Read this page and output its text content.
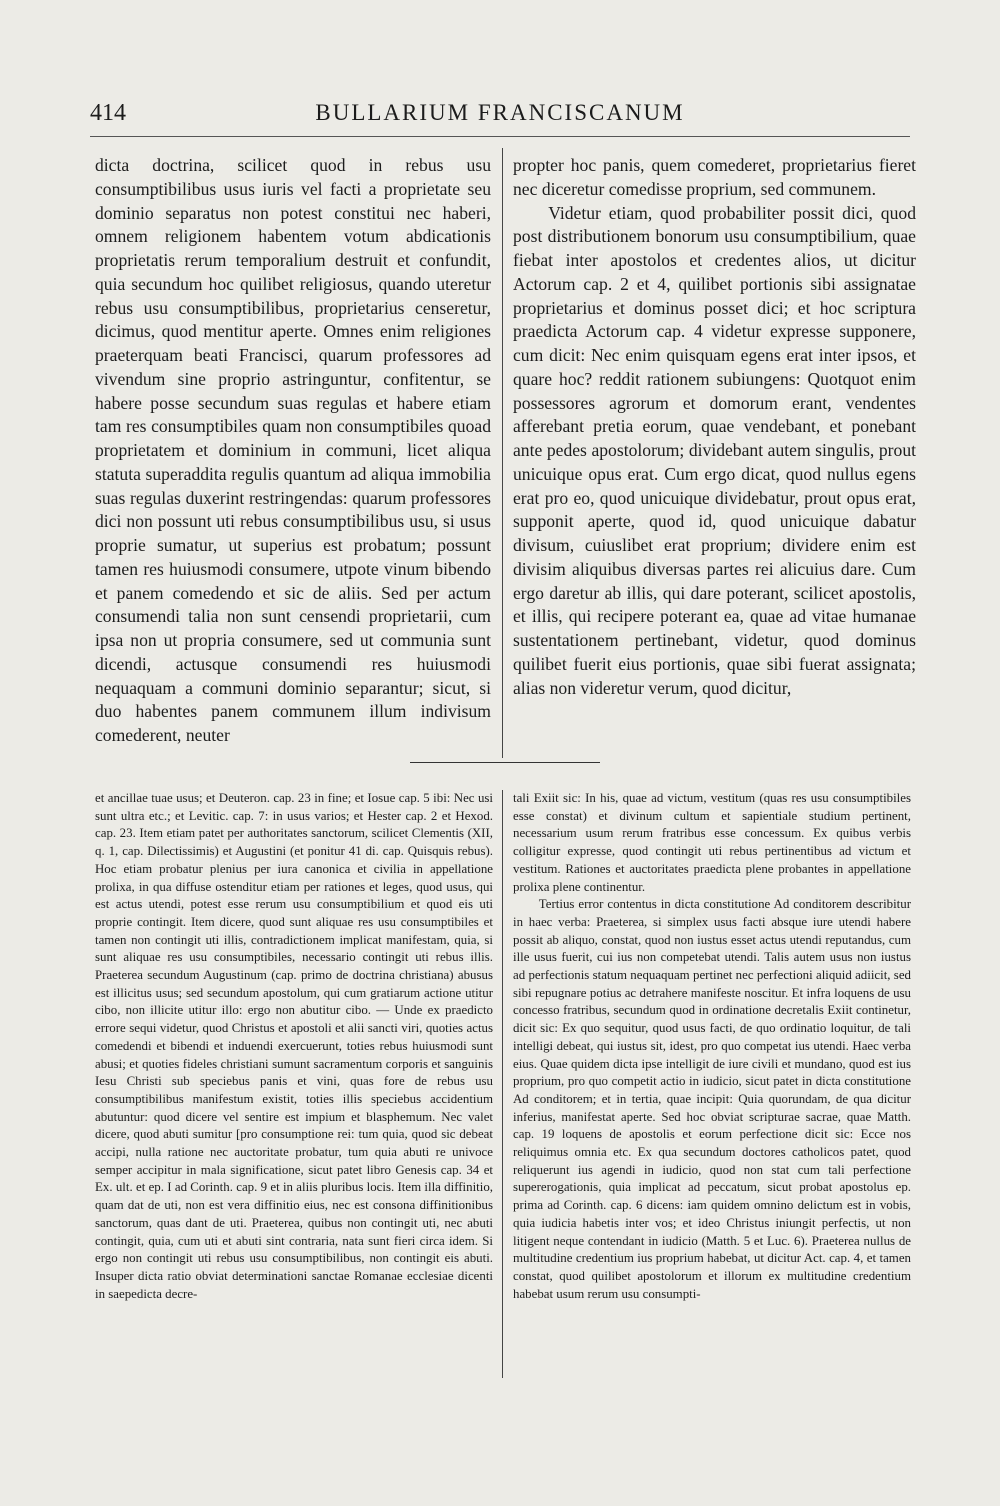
414	BULLARIUM FRANCISCANUM

dicta doctrina, scilicet quod in rebus usu consumptibilibus usus iuris vel facti a proprietate seu dominio separatus non potest constitui nec haberi, omnem religionem habentem votum abdicationis proprietatis rerum temporalium destruit et confundit, quia secundum hoc quilibet religiosus, quando uteretur rebus usu consumptibilibus, proprietarius censeretur, dicimus, quod mentitur aperte. Omnes enim religiones praeterquam beati Francisci, quarum professores ad vivendum sine proprio astringuntur, confitentur, se habere posse secundum suas regulas et habere etiam tam res consumptibiles quam non consumptibiles quoad proprietatem et dominium in communi, licet aliqua statuta superaddita regulis quantum ad aliqua immobilia suas regulas duxerint restringendas: quarum professores dici non possunt uti rebus consumptibilibus usu, si usus proprie sumatur, ut superius est probatum; possunt tamen res huiusmodi consumere, utpote vinum bibendo et panem comedendo et sic de aliis. Sed per actum consumendi talia non sunt censendi proprietarii, cum ipsa non ut propria consumere, sed ut communia sunt dicendi, actusque consumendi res huiusmodi nequaquam a communi dominio separantur; sicut, si duo habentes panem communem illum indivisum comederent, neuter

propter hoc panis, quem comederet, proprietarius fieret nec diceretur comedisse proprium, sed communem.

Videtur etiam, quod probabiliter possit dici, quod post distributionem bonorum usu consumptibilium, quae fiebat inter apostolos et credentes alios, ut dicitur Actorum cap. 2 et 4, quilibet portionis sibi assignatae proprietarius et dominus posset dici; et hoc scriptura praedicta Actorum cap. 4 videtur expresse supponere, cum dicit: Nec enim quisquam egens erat inter ipsos, et quare hoc? reddit rationem subiungens: Quotquot enim possessores agrorum et domorum erant, vendentes afferebant pretia eorum, quae vendebant, et ponebant ante pedes apostolorum; dividebant autem singulis, prout unicuique opus erat. Cum ergo dicat, quod nullus egens erat pro eo, quod unicuique dividebatur, prout opus erat, supponit aperte, quod id, quod unicuique dabatur divisum, cuiuslibet erat proprium; dividere enim est divisim aliquibus diversas partes rei alicuius dare. Cum ergo daretur ab illis, qui dare poterant, scilicet apostolis, et illis, qui recipere poterant ea, quae ad vitae humanae sustentationem pertinebant, videtur, quod dominus quilibet fuerit eius portionis, quae sibi fuerat assignata; alias non videretur verum, quod dicitur,

et ancillae tuae usus; et Deuteron. cap. 23 in fine; et Iosue cap. 5 ibi: Nec usi sunt ultra etc.; et Levitic. cap. 7: in usus varios; et Hester cap. 2 et Hexod. cap. 23. Item etiam patet per authoritates sanctorum, scilicet Clementis (XII, q. 1, cap. Dilectissimis) et Augustini (et ponitur 41 di. cap. Quisquis rebus). Hoc etiam probatur plenius per iura canonica et civilia in appellatione prolixa, in qua diffuse ostenditur etiam per rationes et leges, quod usus, qui est actus utendi, potest esse rerum usu consumptibilium et quod eis uti proprie contingit. Item dicere, quod sunt aliquae res usu consumptibiles et tamen non contingit uti illis, contradictionem implicat manifestam, quia, si sunt aliquae res usu consumptibiles, necessario contingit uti rebus illis. Praeterea secundum Augustinum (cap. primo de doctrina christiana) abusus est illicitus usus; sed secundum apostolum, qui cum gratiarum actione utitur cibo, non illicite utitur illo: ergo non abutitur cibo. — Unde ex praedicto errore sequi videtur, quod Christus et apostoli et alii sancti viri, quoties actus comedendi et bibendi et induendi exercuerunt, toties rebus huiusmodi sunt abusi; et quoties fideles christiani sumunt sacramentum corporis et sanguinis Iesu Christi sub speciebus panis et vini, quas fore de rebus usu consumptibilibus manifestum existit, toties illis speciebus accidentium abutuntur: quod dicere vel sentire est impium et blasphemum. Nec valet dicere, quod abuti sumitur [pro consumptione rei: tum quia, quod sic debeat accipi, nulla ratione nec auctoritate probatur, tum quia abuti re univoce semper accipitur in mala significatione, sicut patet libro Genesis cap. 34 et Ex. ult. et ep. I ad Corinth. cap. 9 et in aliis pluribus locis. Item illa diffinitio, quam dat de uti, non est vera diffinitio eius, nec est consona diffinitionibus sanctorum, quas dant de uti. Praeterea, quibus non contingit uti, nec abuti contingit, quia, cum uti et abuti sint contraria, nata sunt fieri circa idem. Si ergo non contingit uti rebus usu consumptibilibus, non contingit eis abuti. Insuper dicta ratio obviat determinationi sanctae Romanae ecclesiae dicenti in saepedicta decre-

tali Exiit sic: In his, quae ad victum, vestitum (quas res usu consumptibiles esse constat) et divinum cultum et sapientiale studium pertinent, necessarium usum rerum fratribus esse concessum. Ex quibus verbis colligitur expresse, quod contingit uti rebus pertinentibus ad victum et vestitum. Rationes et auctoritates praedicta plene probantes in appellatione prolixa plene continentur.

Tertius error contentus in dicta constitutione Ad conditorem describitur in haec verba: Praeterea, si simplex usus facti absque iure utendi habere possit ab aliquo, constat, quod non iustus esset actus utendi reputandus, cum ille usus fuerit, cui ius non competebat utendi. Talis autem usus non iustus ad perfectionis statum nequaquam pertinet nec perfectioni aliquid adiicit, sed sibi repugnare potius ac detrahere manifeste noscitur. Et infra loquens de usu concesso fratribus, secundum quod in ordinatione decretalis Exiit continetur, dicit sic: Ex quo sequitur, quod usus facti, de quo ordinatio loquitur, de tali intelligi debeat, qui iustus sit, idest, pro quo competat ius utendi. Haec verba eius. Quae quidem dicta ipse intelligit de iure civili et mundano, quod est ius proprium, pro quo competit actio in iudicio, sicut patet in dicta constitutione Ad conditorem; et in tertia, quae incipit: Quia quorundam, de qua dicitur inferius, manifestat aperte. Sed hoc obviat scripturae sacrae, quae Matth. cap. 19 loquens de apostolis et eorum perfectione dicit sic: Ecce nos reliquimus omnia etc. Ex qua secundum doctores catholicos patet, quod reliquerunt ius agendi in iudicio, quod non stat cum tali perfectione supererogationis, quia implicat ad peccatum, sicut probat apostolus ep. prima ad Corinth. cap. 6 dicens: iam quidem omnino delictum est in vobis, quia iudicia habetis inter vos; et ideo Christus iniungit perfectis, ut non litigent neque contendant in iudicio (Matth. 5 et Luc. 6). Praeterea nullus de multitudine credentium ius proprium habebat, ut dicitur Act. cap. 4, et tamen constat, quod quilibet apostolorum et illorum ex multitudine credentium habebat usum rerum usu consumpti-
